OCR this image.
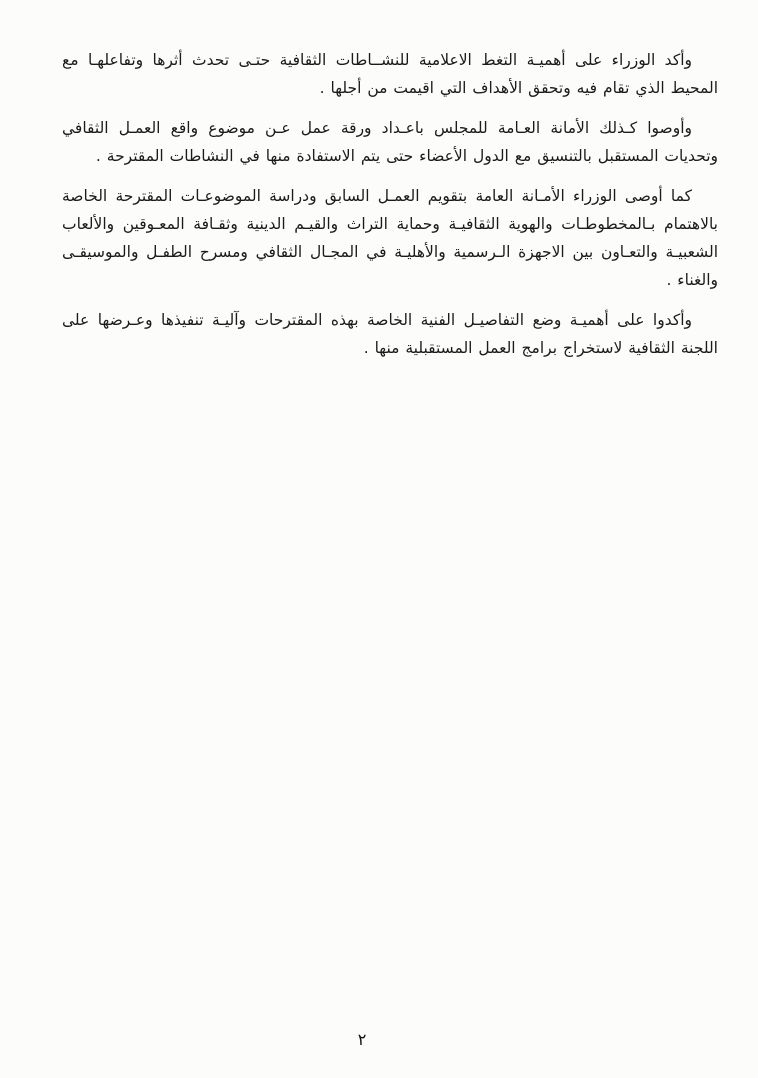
وأكد الوزراء على أهميـة التغط الاعلامية للنشــاطات الثقافية حتـى تحدث أثرها وتفاعلهـا مع
المحيط الذي تقام فيه وتحقق الأهداف التي اقيمت من أجلها .
وأوصوا كـذلك الأمانة العـامة للمجلس باعـداد ورقة عمل عـن موضوع واقع العمـل الثقافي
وتحديات المستقبل بالتنسيق مع الدول الأعضاء حتى يتم الاستفادة منها في النشاطات المقترحة .
كما أوصى الوزراء الأمـانة العامة بتقويم العمـل السابق ودراسة الموضوعـات المقترحة الخاصة
بالاهتمام بـالمخطوطـات والهوية الثقافيـة وحماية التراث والقيـم الدينية وثقـافة المعـوقين والألعاب
الشعبيـة والتعـاون بين الاجهزة الـرسمية والأهليـة في المجـال الثقافي ومسرح الطفـل والموسيقـى
والغناء .
وأكدوا على أهميـة وضع التفاصيـل الفنية الخاصة بهذه المقترحات وآليـة تنفيذها وعـرضها على
اللجنة الثقافية لاستخراج برامج العمل المستقبلية منها .
٢
